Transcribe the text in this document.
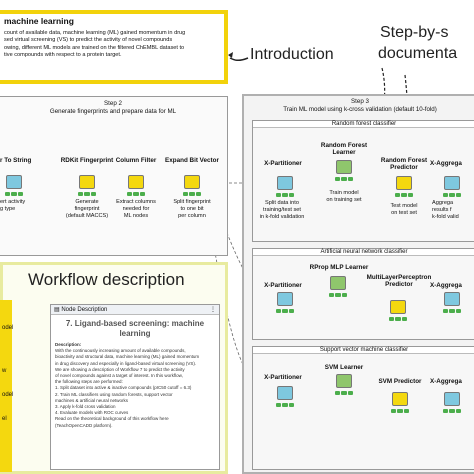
machine learning
count of available data, machine learning (ML) gained momentum in drug
sed virtual screening (VS) to predict the activity of novel compounds
owing, different ML models are trained on the filtered ChEMBL dataset to
tive compounds with respect to a protein target.	Introduction
Step-by-s
documenta
Step 2
Generate fingerprints and prepare data for ML
r To String
ert activity
g type
RDKit Fingerprint
Generate
fingerprint
(default MACCS)
Column Filter
Extract columns
needed for
ML nodes
Expand Bit Vector
Split fingerprint
to one bit
per column
Step 3
Train ML model using k-cross validation (default 10-fold)
Random forest classifier
Artificial neural network classifier
Support vector machine classifier
X-Partitioner
Split data into
training/test set
in k-fold validation
Random Forest
Learner
Train model
on training set
Random Forest
Predictor
Test model
on test set
X-Aggrega
Aggrega
results f
k-fold valid
X-Partitioner
RProp MLP Learner
MultiLayerPerceptron
Predictor	X-Aggrega
X-Partitioner
SVM Learner
SVM Predictor	X-Aggrega
Workflow description
odel
w
odel
el
▤ Node Description	⋮
7. Ligand-based screening: machine
learning
Description:
With the continuously increasing amount of available compounds,
bioactivity and structural data, machine learning (ML) gained momentum
in drug discovery and especially in ligand-based virtual screening (VS).
We are showing a description of Workflow 7 to predict the activity
of novel compounds against a target of interest. In this workflow,
the following steps are performed:
1. Split dataset into active & inactive compounds (pIC50 cutoff = 6.3)
2. Train ML classifiers using random forests, support vector
machines & artificial neural networks
3. Apply k-fold cross validation
4. Evaluate models with ROC curves
Read on the theoretical background of this workflow here
(TeachOpenCADD platform).
